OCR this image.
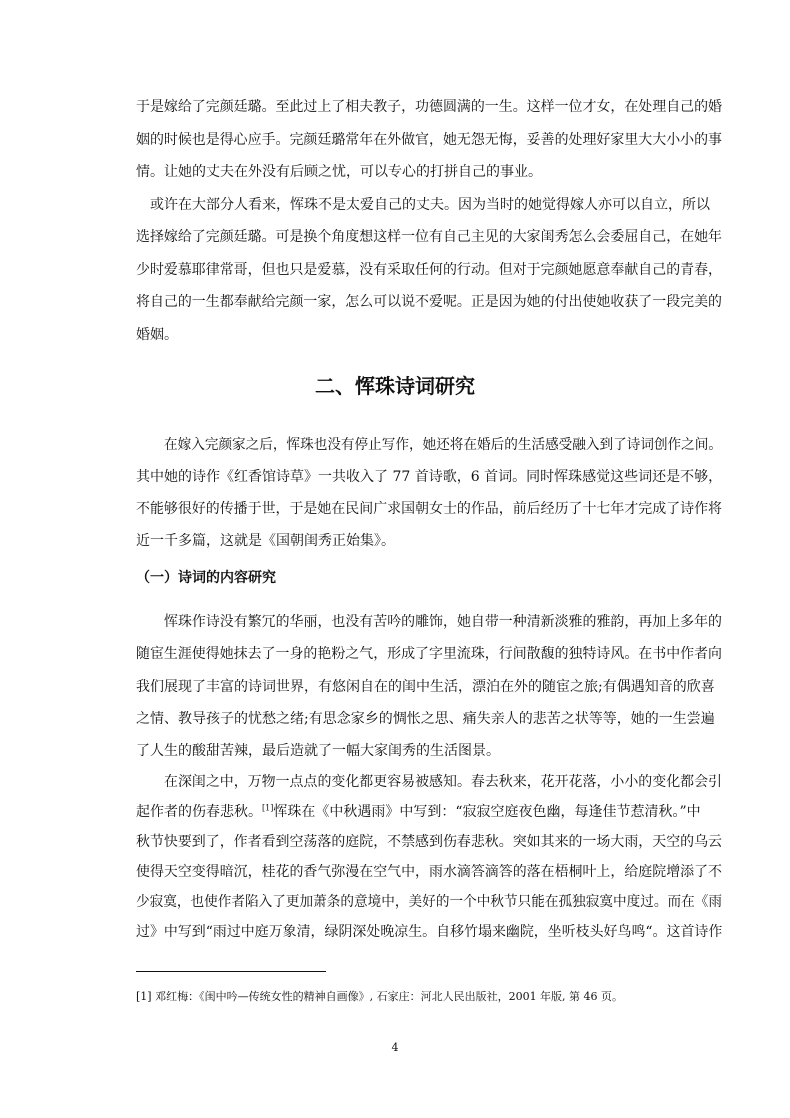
于是嫁给了完颜廷璐。至此过上了相夫教子，功德圆满的一生。这样一位才女，在处理自己的婚
姻的时候也是得心应手。完颜廷璐常年在外做官，她无怨无悔，妥善的处理好家里大大小小的事
情。让她的丈夫在外没有后顾之忧，可以专心的打拼自己的事业。
或许在大部分人看来，恽珠不是太爱自己的丈夫。因为当时的她觉得嫁人亦可以自立，所以
选择嫁给了完颜廷璐。可是换个角度想这样一位有自己主见的大家闺秀怎么会委屈自己，在她年
少时爱慕耶律常哥，但也只是爱慕，没有采取任何的行动。但对于完颜她愿意奉献自己的青春，
将自己的一生都奉献给完颜一家，怎么可以说不爱呢。正是因为她的付出使她收获了一段完美的
婚姻。
二、恽珠诗词研究
在嫁入完颜家之后，恽珠也没有停止写作，她还将在婚后的生活感受融入到了诗词创作之间。
其中她的诗作《红香馆诗草》一共收入了 77 首诗歌，6 首词。同时恽珠感觉这些词还是不够，
不能够很好的传播于世，于是她在民间广求国朝女士的作品，前后经历了十七年才完成了诗作将
近一千多篇，这就是《国朝闺秀正始集》。
（一）诗词的内容研究
恽珠作诗没有繁冗的华丽，也没有苦吟的雕饰，她自带一种清新淡雅的雅韵，再加上多年的
随宦生涯使得她抹去了一身的艳粉之气，形成了字里流珠，行间散馥的独特诗风。在书中作者向
我们展现了丰富的诗词世界，有悠闲自在的闺中生活，漂泊在外的随宦之旅;有偶遇知音的欣喜
之情、教导孩子的忧愁之绪;有思念家乡的惆怅之思、痛失亲人的悲苦之状等等，她的一生尝遍
了人生的酸甜苦辣，最后造就了一幅大家闺秀的生活图景。
在深闺之中，万物一点点的变化都更容易被感知。春去秋来，花开花落，小小的变化都会引
起作者的伤春悲秋。[1]恽珠在《中秋遇雨》中写到：“寂寂空庭夜色幽，每逢佳节惹清秋。”中
秋节快要到了，作者看到空荡落的庭院，不禁感到伤春悲秋。突如其来的一场大雨，天空的乌云
使得天空变得暗沉，桂花的香气弥漫在空气中，雨水滴答滴答的落在梧桐叶上，给庭院增添了不
少寂寞，也使作者陷入了更加萧条的意境中，美好的一个中秋节只能在孤独寂寞中度过。而在《雨
过》中写到“雨过中庭万象清，绿阴深处晚凉生。自移竹塌来幽院，坐听枝头好鸟鸣“。这首诗作
[1] 邓红梅：《闺中吟—传统女性的精神自画像》, 石家庄：河北人民出版社，2001 年版, 第 46 页。
4
